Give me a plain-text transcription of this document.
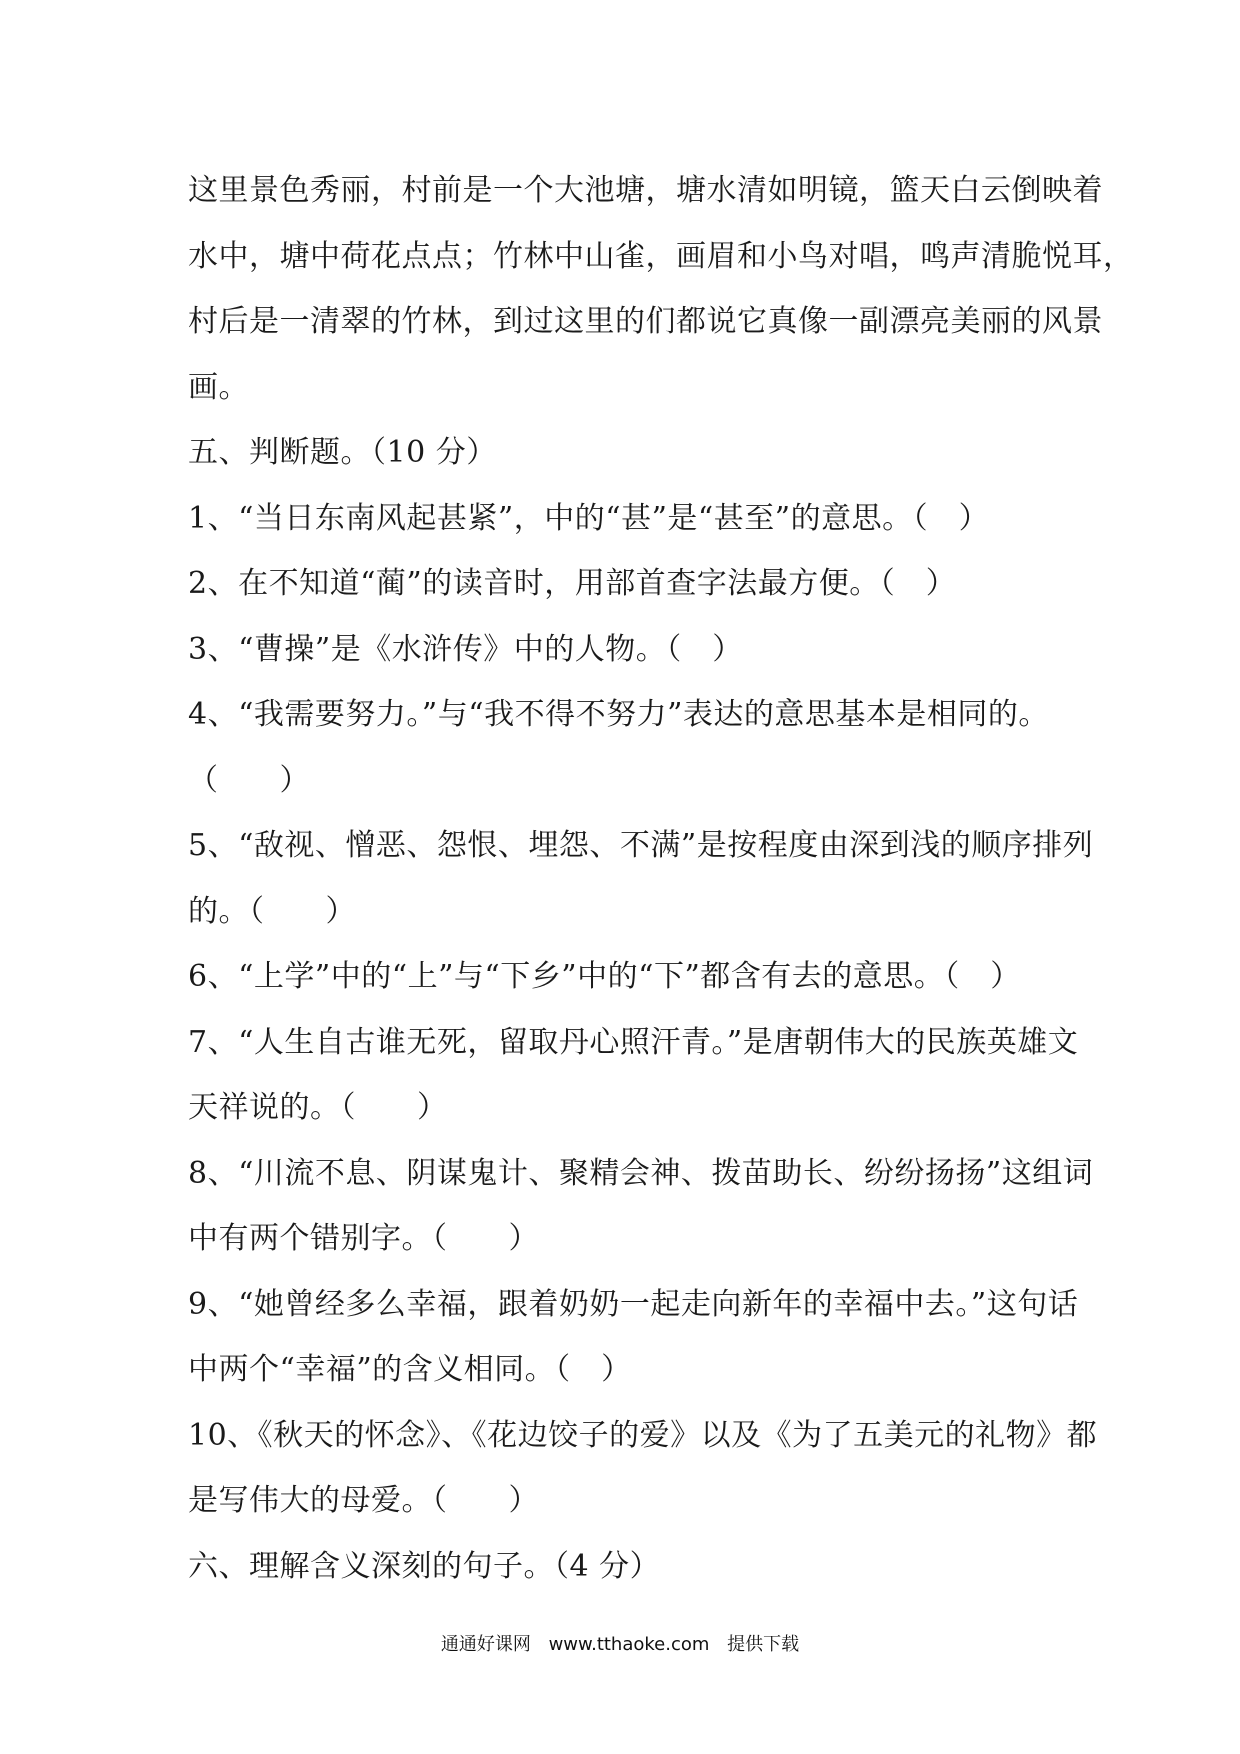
这里景色秀丽，村前是一个大池塘，塘水清如明镜，篮天白云倒映着
水中，塘中荷花点点；竹林中山雀，画眉和小鸟对唱，鸣声清脆悦耳，
村后是一清翠的竹林，到过这里的们都说它真像一副漂亮美丽的风景
画。
五、判断题。（10 分）
1、“当日东南风起甚紧”，中的“甚”是“甚至”的意思。（　）
2、在不知道“蔺”的读音时，用部首查字法最方便。（　）
3、“曹操”是《水浒传》中的人物。（　）
4、“我需要努力。”与“我不得不努力”表达的意思基本是相同的。
（　　）
5、“敌视、憎恶、怨恨、埋怨、不满”是按程度由深到浅的顺序排列
的。（　　）
6、“上学”中的“上”与“下乡”中的“下”都含有去的意思。（　）
7、“人生自古谁无死，留取丹心照汗青。”是唐朝伟大的民族英雄文
天祥说的。（　　）
8、“川流不息、阴谋鬼计、聚精会神、拨苗助长、纷纷扬扬”这组词
中有两个错别字。（　　）
9、“她曾经多么幸福，跟着奶奶一起走向新年的幸福中去。”这句话
中两个“幸福”的含义相同。（　）
10、《秋天的怀念》、《花边饺子的爱》以及《为了五美元的礼物》都
是写伟大的母爱。（　　）
六、理解含义深刻的句子。（4 分）
通通好课网 www.tthaoke.com 提供下载
